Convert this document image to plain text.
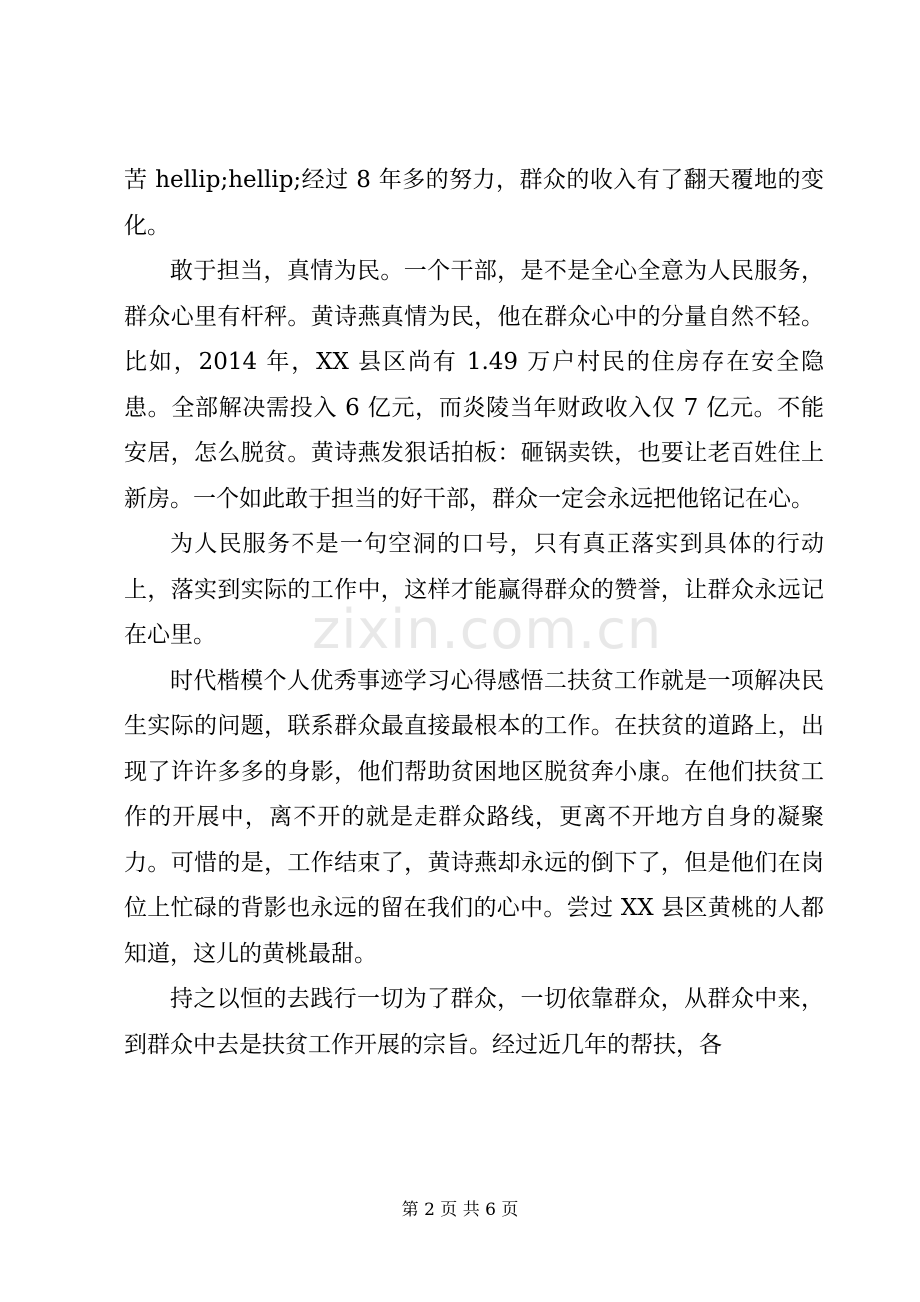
苦 hellip;hellip;经过 8 年多的努力，群众的收入有了翻天覆地的变化。

敢于担当，真情为民。一个干部，是不是全心全意为人民服务，群众心里有杆秤。黄诗燕真情为民，他在群众心中的分量自然不轻。比如，2014 年，XX 县区尚有 1.49 万户村民的住房存在安全隐患。全部解决需投入 6 亿元，而炎陵当年财政收入仅 7 亿元。不能安居，怎么脱贫。黄诗燕发狠话拍板：砸锅卖铁，也要让老百姓住上新房。一个如此敢于担当的好干部，群众一定会永远把他铭记在心。

为人民服务不是一句空洞的口号，只有真正落实到具体的行动上，落实到实际的工作中，这样才能赢得群众的赞誉，让群众永远记在心里。

时代楷模个人优秀事迹学习心得感悟二扶贫工作就是一项解决民生实际的问题，联系群众最直接最根本的工作。在扶贫的道路上，出现了许许多多的身影，他们帮助贫困地区脱贫奔小康。在他们扶贫工作的开展中，离不开的就是走群众路线，更离不开地方自身的凝聚力。可惜的是，工作结束了，黄诗燕却永远的倒下了，但是他们在岗位上忙碌的背影也永远的留在我们的心中。尝过 XX 县区黄桃的人都知道，这儿的黄桃最甜。

持之以恒的去践行一切为了群众，一切依靠群众，从群众中来，到群众中去是扶贫工作开展的宗旨。经过近几年的帮扶，各

zixin.com.cn
第 2 页 共 6 页
